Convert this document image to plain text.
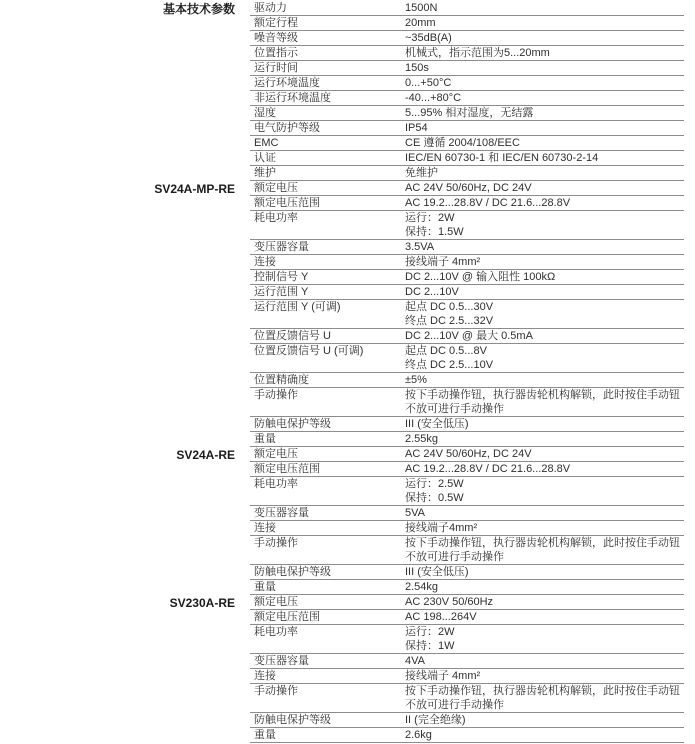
基本技术参数	驱动力	1500N
额定行程	20mm
噪音等级	~35dB(A)
位置指示	机械式，指示范围为5...20mm
运行时间	150s
运行环境温度	0...+50°C
非运行环境温度	-40...+80°C
湿度	5...95% 相对湿度，无结露
电气防护等级	IP54
EMC	CE 遵循 2004/108/EEC
认证	IEC/EN 60730-1 和 IEC/EN 60730-2-14
维护	免维护
SV24A-MP-RE	额定电压	AC 24V 50/60Hz, DC 24V
额定电压范围	AC 19.2...28.8V / DC 21.6...28.8V
耗电功率	运行：2W
保持：1.5W
变压器容量	3.5VA
连接	接线端子 4mm²
控制信号 Y	DC 2...10V @ 输入阻性 100kΩ
运行范围 Y	DC 2...10V
运行范围 Y (可调)	起点 DC 0.5...30V
终点 DC 2.5...32V
位置反馈信号 U	DC 2...10V @ 最大 0.5mA
位置反馈信号 U (可调)	起点 DC 0.5...8V
终点 DC 2.5...10V
位置精确度	±5%
手动操作	按下手动操作钮，执行器齿轮机构解锁，此时按住手动钮
不放可进行手动操作
防触电保护等级	III (安全低压)
重量	2.55kg
SV24A-RE	额定电压	AC 24V 50/60Hz, DC 24V
额定电压范围	AC 19.2...28.8V / DC 21.6...28.8V
耗电功率	运行：2.5W
保持：0.5W
变压器容量	5VA
连接	接线端子4mm²
手动操作	按下手动操作钮，执行器齿轮机构解锁，此时按住手动钮
不放可进行手动操作
防触电保护等级	III (安全低压)
重量	2.54kg
SV230A-RE	额定电压	AC 230V 50/60Hz
额定电压范围	AC 198...264V
耗电功率	运行：2W
保持：1W
变压器容量	4VA
连接	接线端子 4mm²
手动操作	按下手动操作钮，执行器齿轮机构解锁，此时按住手动钮
不放可进行手动操作
防触电保护等级	II (完全绝缘)
重量	2.6kg
